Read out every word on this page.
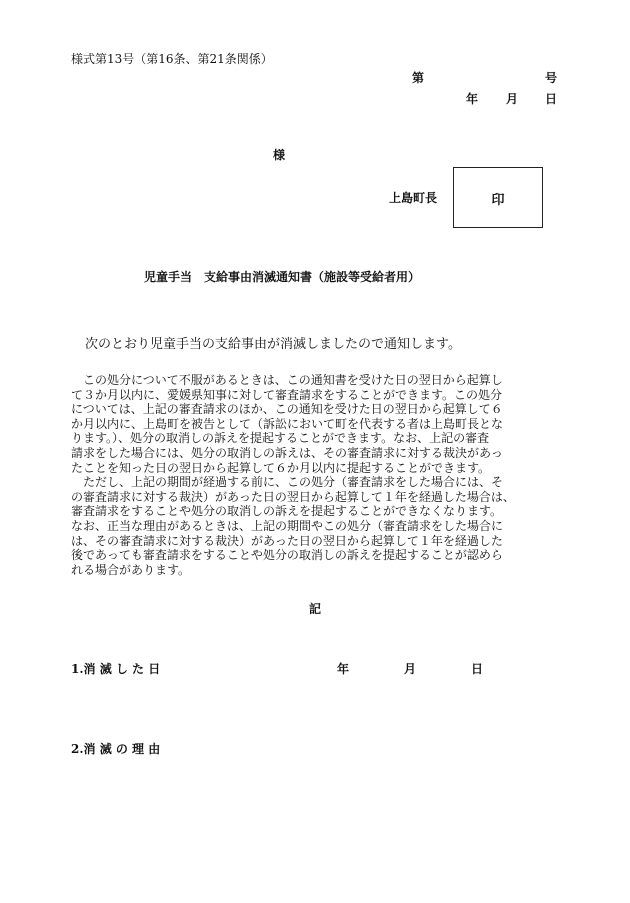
様式第13号（第16条、第21条関係）
第	号
年 月 日
様
上島町長	印
児童手当　支給事由消滅通知書（施設等受給者用）
次のとおり児童手当の支給事由が消滅しましたので通知します。
　この処分について不服があるときは、この通知書を受けた日の翌日から起算し
て３か月以内に、愛媛県知事に対して審査請求をすることができます。この処分
については、上記の審査請求のほか、この通知を受けた日の翌日から起算して６
か月以内に、上島町を被告として（訴訟において町を代表する者は上島町長とな
ります。）、処分の取消しの訴えを提起することができます。なお、上記の審査
請求をした場合には、処分の取消しの訴えは、その審査請求に対する裁決があっ
たことを知った日の翌日から起算して６か月以内に提起することができます。
　ただし、上記の期間が経過する前に、この処分（審査請求をした場合には、そ
の審査請求に対する裁決）があった日の翌日から起算して１年を経過した場合は、
審査請求をすることや処分の取消しの訴えを提起することができなくなります。
なお、正当な理由があるときは、上記の期間やこの処分（審査請求をした場合に
は、その審査請求に対する裁決）があった日の翌日から起算して１年を経過した
後であっても審査請求をすることや処分の取消しの訴えを提起することが認めら
れる場合があります。
記
1.消 滅 し た 日	年	月	日
2.消 滅 の 理 由
